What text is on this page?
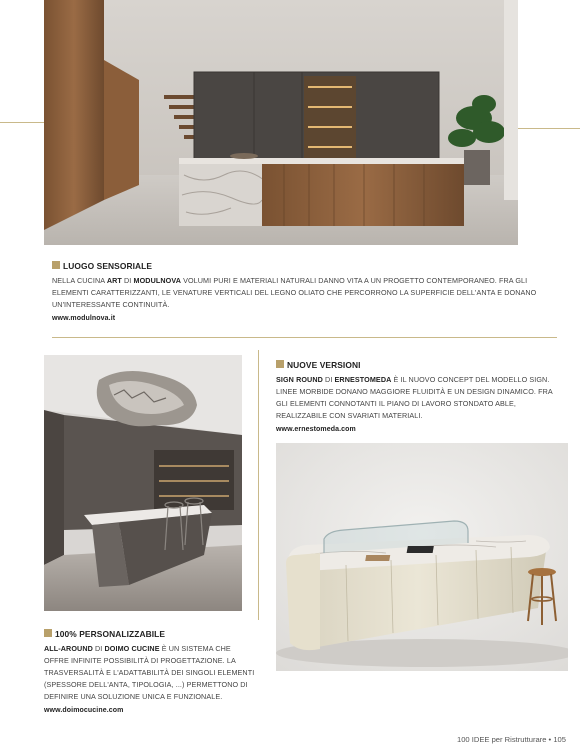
LUOGO SENSORIALE
NELLA CUCINA ART DI MODULNOVA VOLUMI PURI E MATERIALI NATURALI DANNO VITA A UN PROGETTO CONTEMPORANEO. FRA GLI ELEMENTI CARATTERIZZANTI, LE VENATURE VERTICALI DEL LEGNO OLIATO CHE PERCORRONO LA SUPERFICIE DELL'ANTA E DONANO UN'INTERESSANTE CONTINUITÀ.
www.modulnova.it
NUOVE VERSIONI
SIGN ROUND DI ERNESTOMEDA È IL NUOVO CONCEPT DEL MODELLO SIGN. LINEE MORBIDE DONANO MAGGIORE FLUIDITÀ E UN DESIGN DINAMICO. FRA GLI ELEMENTI CONNOTANTI IL PIANO DI LAVORO STONDATO ABLE, REALIZZABILE CON SVARIATI MATERIALI.
www.ernestomeda.com
100% PERSONALIZZABILE
ALL-AROUND DI DOIMO CUCINE È UN SISTEMA CHE OFFRE INFINITE POSSIBILITÀ DI PROGETTAZIONE. LA TRASVERSALITÀ E L'ADATTABILITÀ DEI SINGOLI ELEMENTI (SPESSORE DELL'ANTA, TIPOLOGIA, ...) PERMETTONO DI DEFINIRE UNA SOLUZIONE UNICA E FUNZIONALE.
www.doimocucine.com
100 IDEE per Ristrutturare • 105
